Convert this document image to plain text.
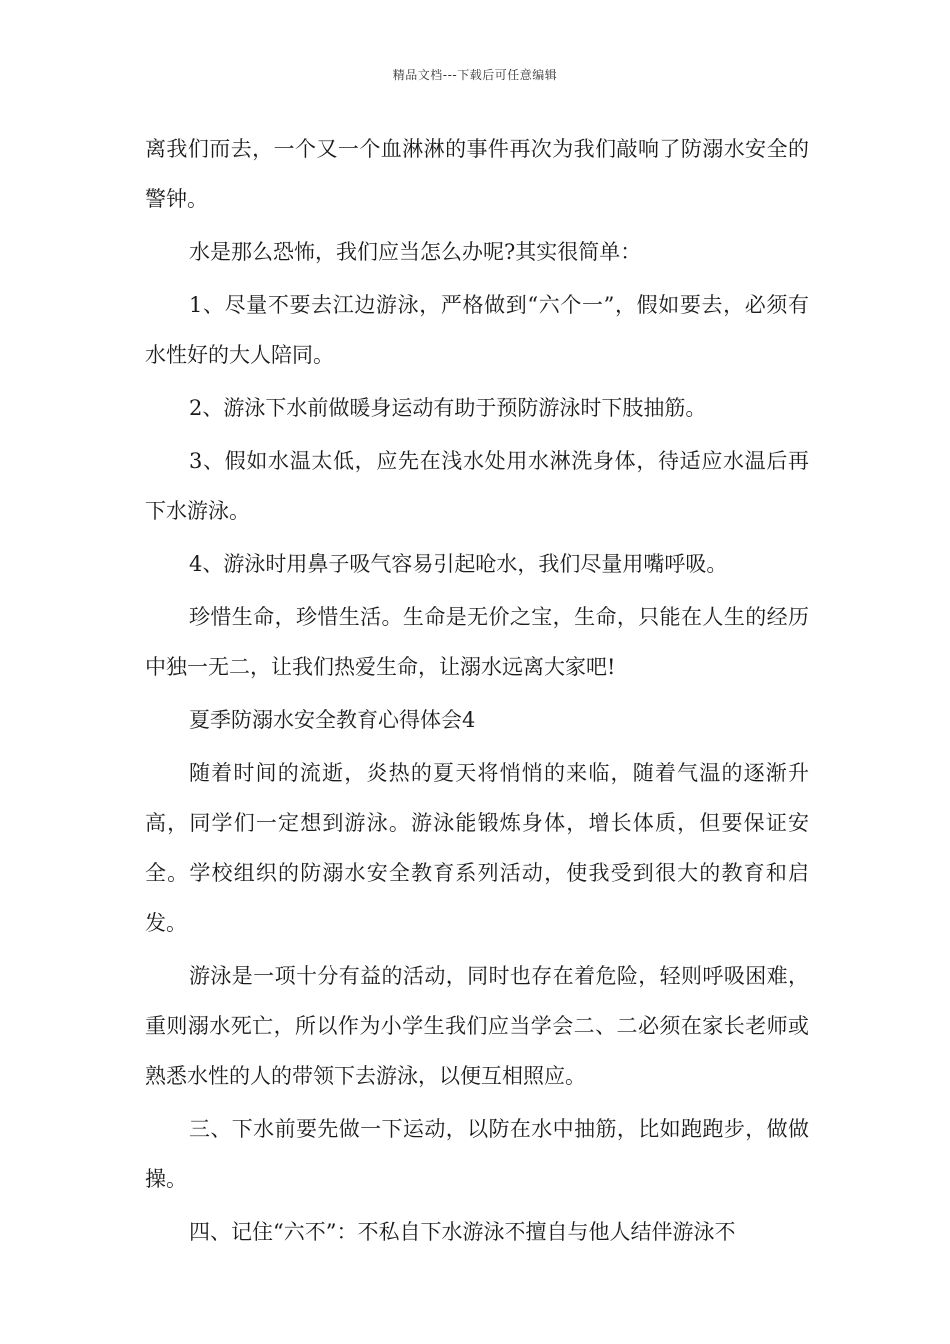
精品文档---下载后可任意编辑

离我们而去，一个又一个血淋淋的事件再次为我们敲响了防溺水安全的警钟。

水是那么恐怖，我们应当怎么办呢?其实很简单：

1、尽量不要去江边游泳，严格做到“六个一”，假如要去，必须有水性好的大人陪同。

2、游泳下水前做暖身运动有助于预防游泳时下肢抽筋。

3、假如水温太低，应先在浅水处用水淋洗身体，待适应水温后再下水游泳。

4、游泳时用鼻子吸气容易引起呛水，我们尽量用嘴呼吸。

珍惜生命，珍惜生活。生命是无价之宝，生命，只能在人生的经历中独一无二，让我们热爱生命，让溺水远离大家吧!

夏季防溺水安全教育心得体会4

随着时间的流逝，炎热的夏天将悄悄的来临，随着气温的逐渐升高，同学们一定想到游泳。游泳能锻炼身体，增长体质，但要保证安全。学校组织的防溺水安全教育系列活动，使我受到很大的教育和启发。

游泳是一项十分有益的活动，同时也存在着危险，轻则呼吸困难，重则溺水死亡，所以作为小学生我们应当学会二、二必须在家长老师或熟悉水性的人的带领下去游泳，以便互相照应。

三、下水前要先做一下运动，以防在水中抽筋，比如跑跑步，做做操。

四、记住“六不”：不私自下水游泳不擅自与他人结伴游泳不
